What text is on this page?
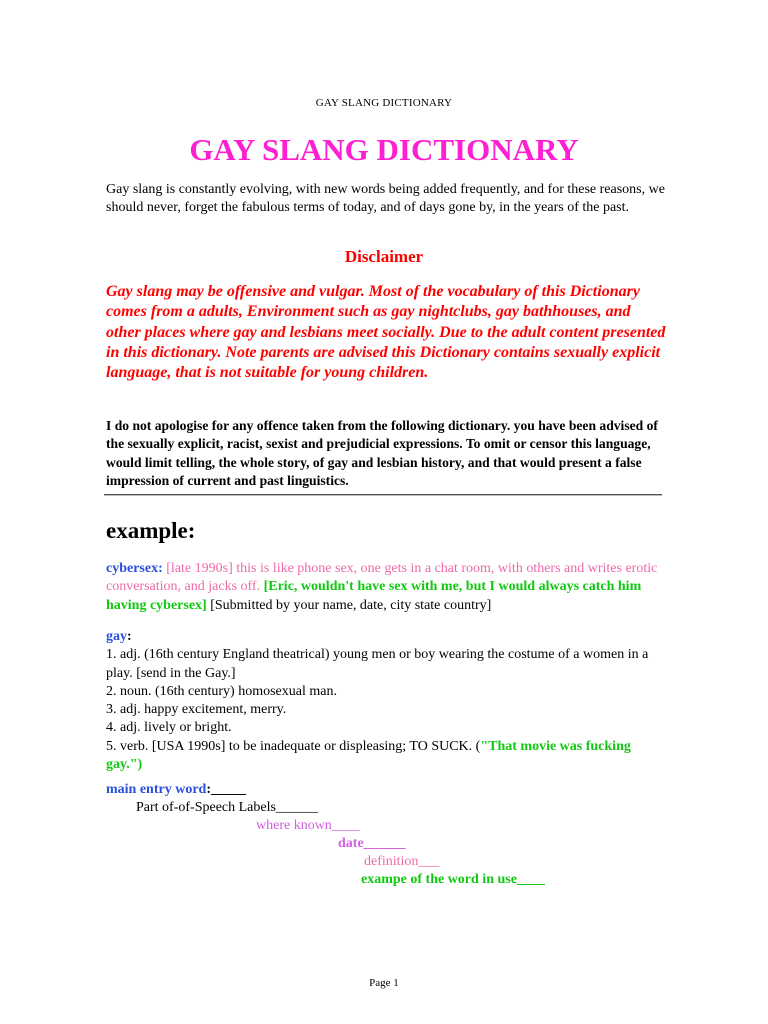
GAY SLANG DICTIONARY
GAY SLANG DICTIONARY

Gay slang is constantly evolving, with new words being added frequently, and for these reasons, we should never, forget the fabulous terms of today, and of days gone by, in the years of the past.

Disclaimer

Gay slang may be offensive and vulgar. Most of the vocabulary of this Dictionary comes from a adults, Environment such as gay nightclubs, gay bathhouses, and other places where gay and lesbians meet socially. Due to the adult content presented in this dictionary. Note parents are advised this Dictionary contains sexually explicit language, that is not suitable for young children.

I do not apologise for any offence taken from the following dictionary. you have been advised of the sexually explicit, racist, sexist and prejudicial expressions. To omit or censor this language, would limit telling, the whole story, of gay and lesbian history, and that would present a false impression of current and past linguistics.

example:

cybersex: [late 1990s] this is like phone sex, one gets in a chat room, with others and writes erotic conversation, and jacks off. [Eric, wouldn't have sex with me, but I would always catch him having cybersex] [Submitted by your name, date, city state country]

gay:
1. adj. (16th century England theatrical) young men or boy wearing the costume of a women in a play. [send in the Gay.]
2. noun. (16th century) homosexual man.
3. adj. happy excitement, merry.
4. adj. lively or bright.
5. verb. [USA 1990s] to be inadequate or displeasing; TO SUCK. ("That movie was fucking gay.")
main entry word:_____
Part of-of-Speech Labels______
where known____
date______
definition___
exampe of the word in use____
Page 1
